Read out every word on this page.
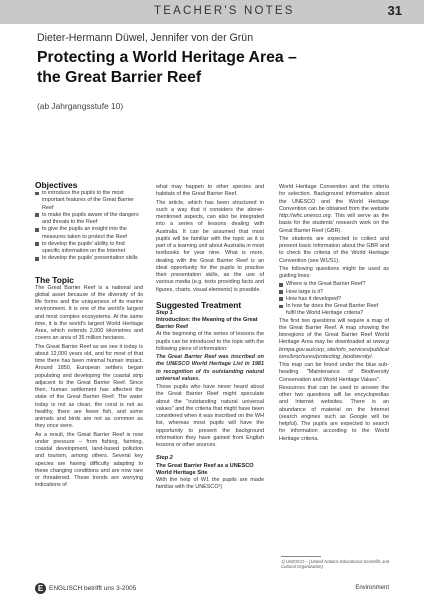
TEACHER'S NOTES	31
Dieter-Hermann Düwel, Jennifer von der Grün
Protecting a World Heritage Area –
the Great Barrier Reef
(ab Jahrgangsstufe 10)
Objectives
to introduce the pupils to the most important features of the Great Barrier Reef
to make the pupils aware of the dangers and threats to the Reef
to give the pupils an insight into the measures taken to protect the Reef
to develop the pupils' ability to find specific information on the Internet
to develop the pupils' presentation skills
The Topic

The Great Barrier Reef is a national and global asset because of the diversity of its life forms and the uniqueness of its marine environment. It is one of the world's largest and most complex ecosystems. At the same time, it is the world's largest World Heritage Area, which extends 2,000 kilometres and covers an area of 35 million hectares.

The Great Barrier Reef as we see it today is about 12,000 years old, and for most of that time there has been minimal human impact. Around 1850, European settlers began populating and developing the coastal strip adjacent to the Great Barrier Reef. Since then, human settlement has affected the state of the Great Barrier Reef. The water today is not as clean, the coral is not as healthy, there are fewer fish, and some animals and birds are not as common as they once were.

As a result, the Great Barrier Reef is now under pressure – from fishing, farming, coastal development, land-based pollution and tourism, among others. Several key species are having difficulty adapting to these changing conditions and are now rare or threatened. These trends are worrying indications of

what may happen to other species and habitats of the Great Barrier Reef.

The article, which has been structured in such a way that it considers the above-mentioned aspects, can also be integrated into a series of lessons dealing with Australia. It can be assumed that most pupils will be familiar with the topic as it is part of a learning unit about Australia in most textbooks for year nine. What is more, dealing with the Great Barrier Reef is an ideal opportunity for the pupils to practise their presentation skills, as the use of various media (e.g. texts providing facts and figures, charts, visual elements) is possible.

Suggested Treatment
Step 1
Introduction: the Meaning of the Great Barrier Reef

At the beginning of the series of lessons the pupils can be introduced to the topic with the following piece of information:

The Great Barrier Reef was inscribed on the UNESCO World Heritage List in 1981 in recognition of its outstanding natural universal values.

Those pupils who have never heard about the Great Barrier Reef might speculate about the "outstanding natural universal values" and the criteria that might have been considered when it was inscribed on the WH list, whereas most pupils will have the opportunity to present the background information they have gained from English lessons or other sources.

Step 2
The Great Barrier Reef as a UNESCO World Heritage Site

With the help of W1 the pupils are made familiar with the UNESCO¹)

World Heritage Convention and the criteria for selection. Background information about the UNESCO and the World Heritage Convention can be obtained from the website http://whc.unesco.org. This will serve as the basis for the students' research work on the Great Barrier Reef (GBR).

The students are expected to collect and present basic information about the GBR and to check the criteria of the World Heritage Convention (see W1/S1).

The following questions might be used as guiding lines:

Where is the Great Barrier Reef?
How large is it?
How has it developed?
In how far does the Great Barrier Reef fulfil the World Heritage criteria?

The first two questions will require a map of the Great Barrier Reef. A map showing the bioregions of the Great Barrier Reef World Heritage Area may be downloaded at www.gbrmpa.gov.au/corp_site/info_services/publications/brochures/protecting_biodiversity/.

This map can be found under the blue sub-heading "Maintenance of Biodiversity Conservation and World Heritage Values".

Resources that can be used to answer the other two questions will be encyclopedias and Internet websites. There is an abundance of material on the Internet (search engines such as Google will be helpful). The pupils are expected to search for information according to the World Heritage criteria.

1) UNESCO – (United Nations Educational Scientific and Cultural Organization)
E ENGLISCH betrifft uns 3-2005	Environment
